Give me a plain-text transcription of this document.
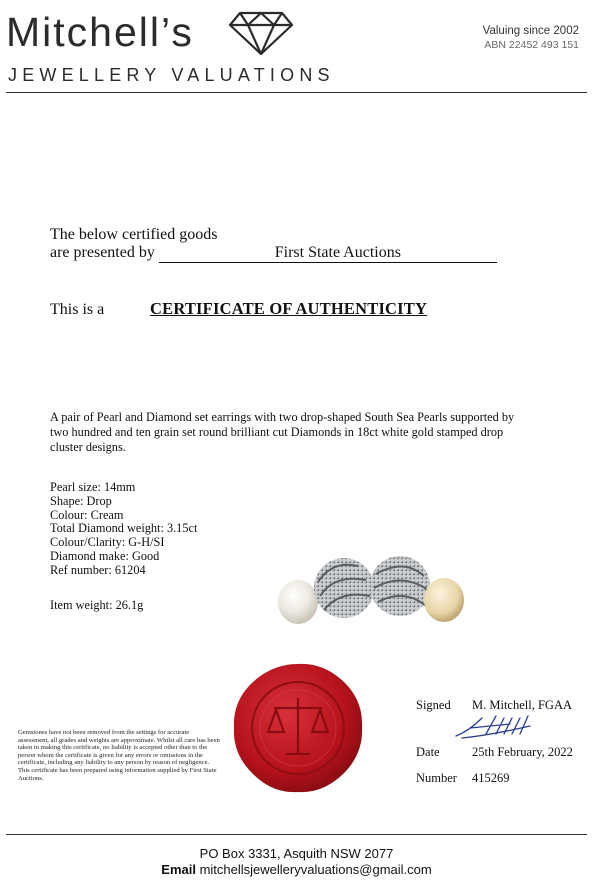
Mitchell’s
JEWELLERY VALUATIONS
Valuing since 2002
ABN 22452 493 151
The below certified goods
are presented by	First State Auctions
This is a	CERTIFICATE OF AUTHENTICITY
A pair of Pearl and Diamond set earrings with two drop-shaped South Sea Pearls supported by two hundred and ten grain set round brilliant cut Diamonds in 18ct white gold stamped drop cluster designs.
Pearl size: 14mm
Shape: Drop
Colour: Cream
Total Diamond weight: 3.15ct
Colour/Clarity: G-H/SI
Diamond make: Good
Ref number: 61204
Item weight: 26.1g
Gemstones have not been removed from the settings for accurate assessment, all grades and weights are approximate. Whilst all care has been taken in making this certificate, no liability is accepted other than to the person whom the certificate is given for any errors or omissions in the certificate, including any liability to any person by reason of negligence. This certificate has been prepared using information supplied by First State Auctions.
Signed M. Mitchell, FGAA
Date	25th February, 2022
Number 415269
PO Box 3331, Asquith NSW 2077
Email mitchellsjewelleryvaluations@gmail.com
